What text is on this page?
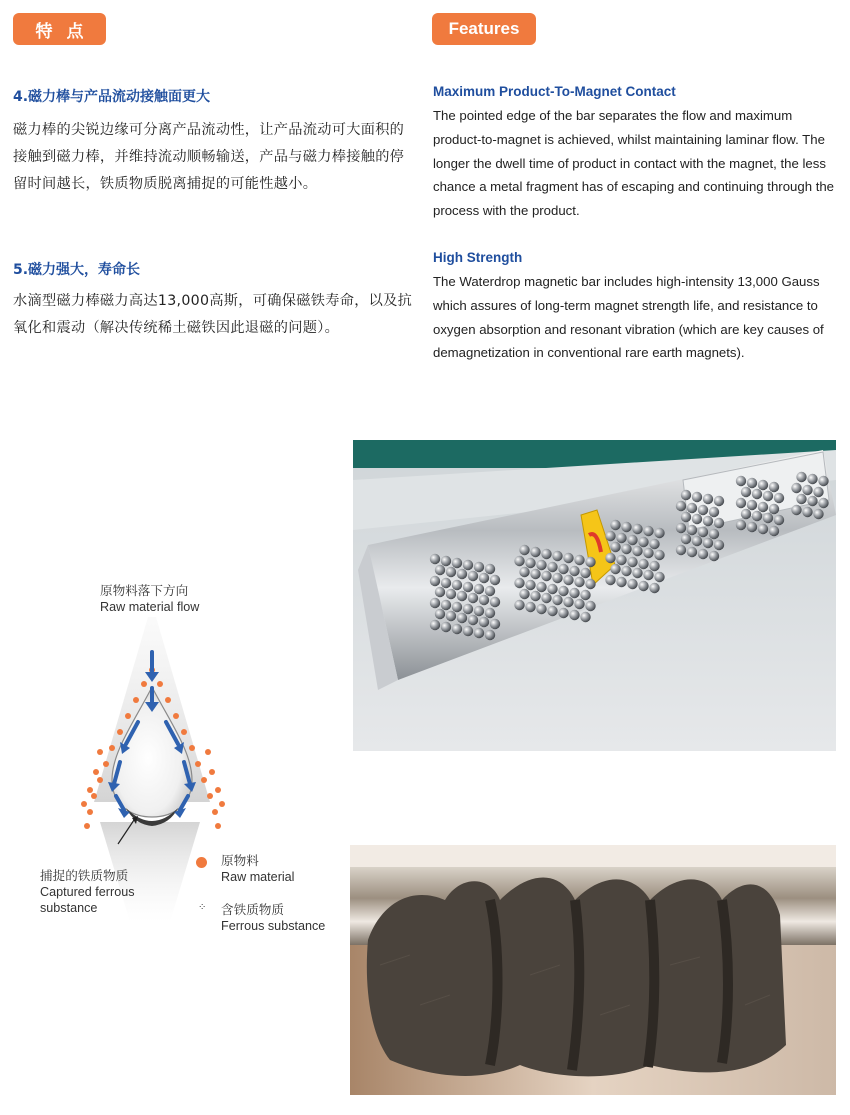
特点	Features
4.磁力棒与产品流动接触面更大
磁力棒的尖锐边缘可分离产品流动性，让产品流动可大面积的接触到磁力棒，并维持流动顺畅输送，产品与磁力棒接触的停留时间越长，铁质物质脱离捕捉的可能性越小。
5.磁力强大，寿命长
水滴型磁力棒磁力高达13,000高斯，可确保磁铁寿命，以及抗氧化和震动（解决传统稀土磁铁因此退磁的问题）。
Maximum Product-To-Magnet Contact
The pointed edge of the bar separates the flow and maximum product-to-magnet is achieved, whilst maintaining laminar flow. The longer the dwell time of product in contact with the magnet, the less chance a metal fragment has of escaping and continuing through the process with the product.
High Strength
The Waterdrop magnetic bar includes high-intensity 13,000 Gauss which assures of long-term magnet strength life, and resistance to oxygen absorption and resonant vibration (which are key causes of demagnetization in conventional rare earth magnets).
原物料落下方向
Raw material flow
捕捉的铁质物质
Captured ferrous
substance
原物料
Raw material
⁘ 含铁质物质
Ferrous substance
